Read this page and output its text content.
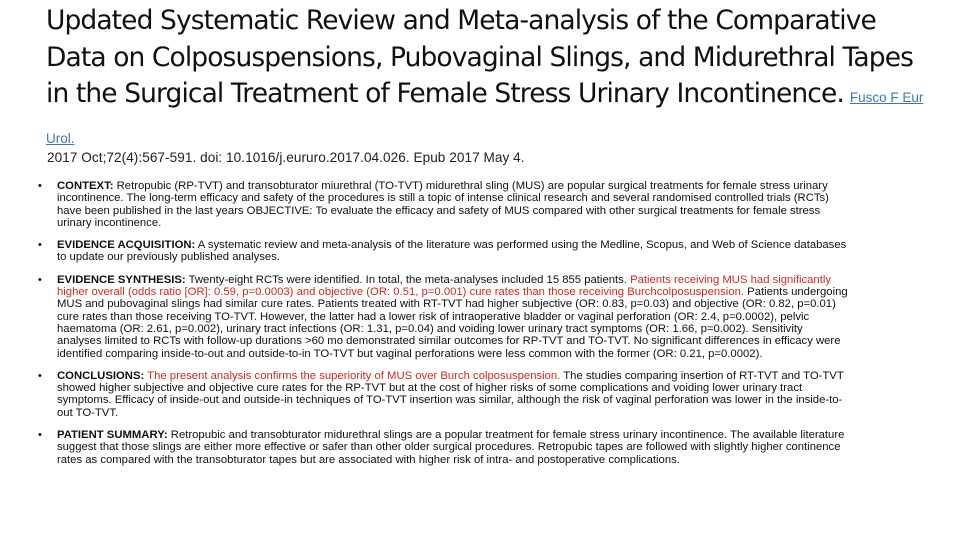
Updated Systematic Review and Meta-analysis of the Comparative Data on Colposuspensions, Pubovaginal Slings, and Midurethral Tapes in the Surgical Treatment of Female Stress Urinary Incontinence. Fusco F Eur Urol.
2017 Oct;72(4):567-591. doi: 10.1016/j.eururo.2017.04.026. Epub 2017 May 4.
• CONTEXT: Retropubic (RP-TVT) and transobturator miurethral (TO-TVT) midurethral sling (MUS) are popular surgical treatments for female stress urinary incontinence. The long-term efficacy and safety of the procedures is still a topic of intense clinical research and several randomised controlled trials (RCTs) have been published in the last years OBJECTIVE: To evaluate the efficacy and safety of MUS compared with other surgical treatments for female stress urinary incontinence.
• EVIDENCE ACQUISITION: A systematic review and meta-analysis of the literature was performed using the Medline, Scopus, and Web of Science databases to update our previously published analyses.
• EVIDENCE SYNTHESIS: Twenty-eight RCTs were identified. In total, the meta-analyses included 15 855 patients. Patients receiving MUS had significantly higher overall (odds ratio [OR]: 0.59, p=0.0003) and objective (OR: 0.51, p=0.001) cure rates than those receiving Burchcolposuspension. Patients undergoing MUS and pubovaginal slings had similar cure rates. Patients treated with RT-TVT had higher subjective (OR: 0.83, p=0.03) and objective (OR: 0.82, p=0.01) cure rates than those receiving TO-TVT. However, the latter had a lower risk of intraoperative bladder or vaginal perforation (OR: 2.4, p=0.0002), pelvic haematoma (OR: 2.61, p=0.002), urinary tract infections (OR: 1.31, p=0.04) and voiding lower urinary tract symptoms (OR: 1.66, p=0.002). Sensitivity analyses limited to RCTs with follow-up durations >60 mo demonstrated similar outcomes for RP-TVT and TO-TVT. No significant differences in efficacy were identified comparing inside-to-out and outside-to-in TO-TVT but vaginal perforations were less common with the former (OR: 0.21, p=0.0002).
• CONCLUSIONS: The present analysis confirms the superiority of MUS over Burch colposuspension. The studies comparing insertion of RT-TVT and TO-TVT showed higher subjective and objective cure rates for the RP-TVT but at the cost of higher risks of some complications and voiding lower urinary tract symptoms. Efficacy of inside-out and outside-in techniques of TO-TVT insertion was similar, although the risk of vaginal perforation was lower in the inside-to-out TO-TVT.
• PATIENT SUMMARY: Retropubic and transobturator midurethral slings are a popular treatment for female stress urinary incontinence. The available literature suggest that those slings are either more effective or safer than other older surgical procedures. Retropubic tapes are followed with slightly higher continence rates as compared with the transobturator tapes but are associated with higher risk of intra- and postoperative complications.
